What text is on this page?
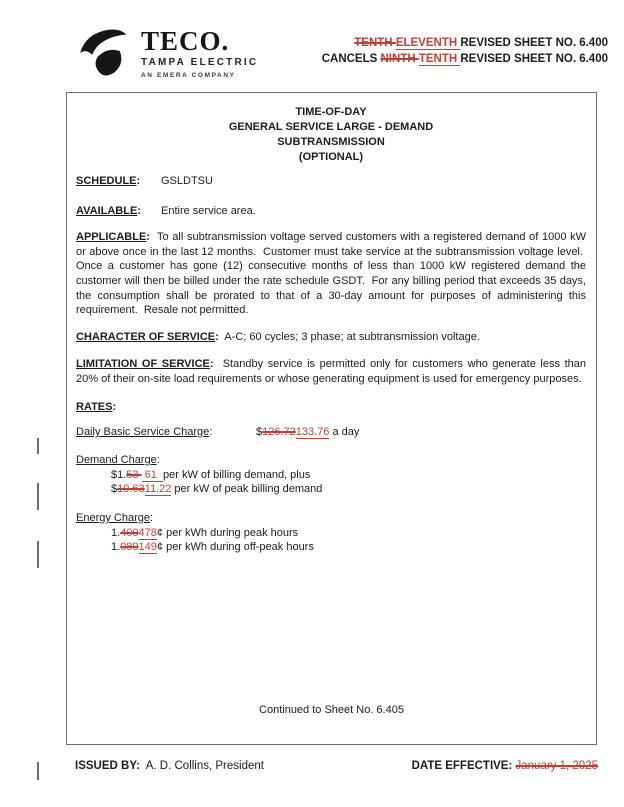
TECO.
TAMPA ELECTRIC
AN EMERA COMPANY
TENTH ELEVENTH REVISED SHEET NO. 6.400
CANCELS NINTH TENTH REVISED SHEET NO. 6.400
TIME-OF-DAY
GENERAL SERVICE LARGE - DEMAND
SUBTRANSMISSION
(OPTIONAL)
SCHEDULE:	GSLDTSU
AVAILABLE:	Entire service area.

APPLICABLE:  To all subtransmission voltage served customers with a registered demand of 1000 kW or above once in the last 12 months.  Customer must take service at the subtransmission voltage level.  Once a customer has gone (12) consecutive months of less than 1000 kW registered demand the customer will then be billed under the rate schedule GSDT.  For any billing period that exceeds 35 days, the consumption shall be prorated to that of a 30-day amount for purposes of administering this requirement.  Resale not permitted.

CHARACTER OF SERVICE:  A-C; 60 cycles; 3 phase; at subtransmission voltage.

LIMITATION OF SERVICE:  Standby service is permitted only for customers who generate less than 20% of their on-site load requirements or whose generating equipment is used for emergency purposes.

RATES:

Daily Basic Service Charge:	$126.72133.76 a day
Demand Charge:
$1.53  61  per kW of billing demand, plus
$10.6311.22 per kW of peak billing demand
Energy Charge:
1.400478¢ per kWh during peak hours
1.089149¢ per kWh during off-peak hours
Continued to Sheet No. 6.405
ISSUED BY: A. D. Collins, President	DATE EFFECTIVE: January 1, 2025
